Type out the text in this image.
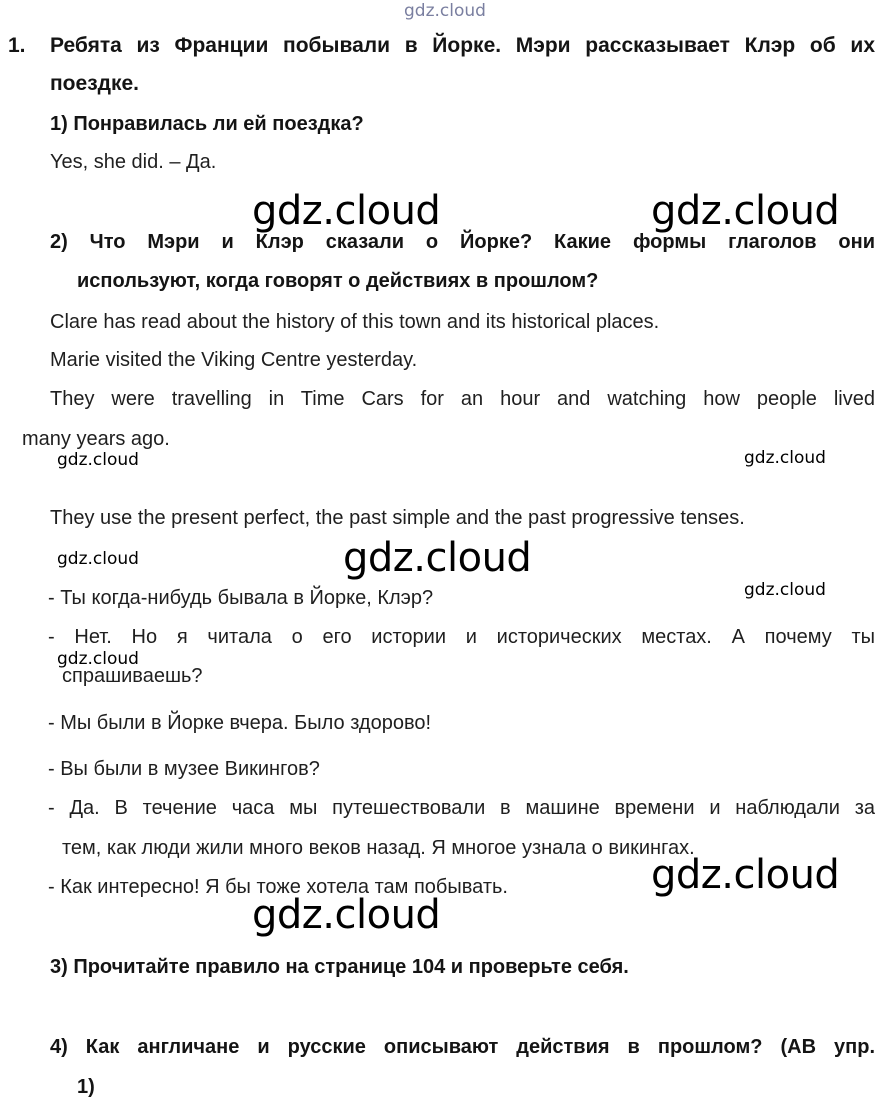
gdz.cloud
1. Ребята из Франции побывали в Йорке. Мэри рассказывает Клэр об их
поездке.
1) Понравилась ли ей поездка?
Yes, she did. – Да.
gdz.cloud	gdz.cloud
2) Что Мэри и Клэр сказали о Йорке? Какие формы глаголов они
используют, когда говорят о действиях в прошлом?
Clare has read about the history of this town and its historical places.
Marie visited the Viking Centre yesterday.
They were travelling in Time Cars for an hour and watching how people lived
many years ago.
gdz.cloud	gdz.cloud
They use the present perfect, the past simple and the past progressive tenses.
gdz.cloud	gdz.cloud
gdz.cloud
- Ты когда-нибудь бывала в Йорке, Клэр?
- Нет. Но я читала о его истории и исторических местах. А почему ты
gdz.cloud
спрашиваешь?
- Мы были в Йорке вчера. Было здорово!
- Вы были в музее Викингов?
- Да. В течение часа мы путешествовали в машине времени и наблюдали за
тем, как люди жили много веков назад. Я многое узнала о викингах.
- Как интересно! Я бы тоже хотела там побывать.	gdz.cloud
gdz.cloud
3) Прочитайте правило на странице 104 и проверьте себя.
4) Как англичане и русские описывают действия в прошлом? (АВ упр.
1)
